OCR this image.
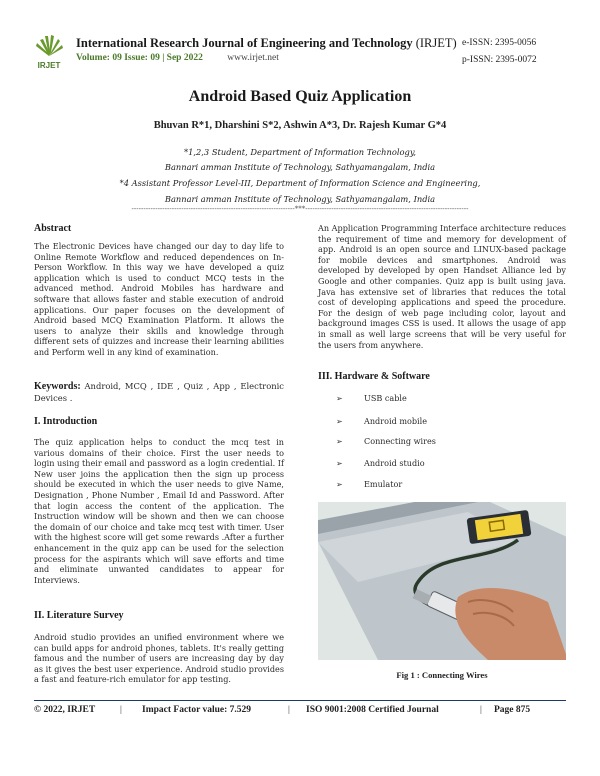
IRJET
International Research Journal of Engineering and Technology (IRJET) e-ISSN: 2395-0056
Volume: 09 Issue: 09 | Sep 2022	www.irjet.net	p-ISSN: 2395-0072
Android Based Quiz Application
Bhuvan R*1, Dharshini S*2, Ashwin A*3, Dr. Rajesh Kumar G*4
*1,2,3 Student, Department of Information Technology,
Bannari amman Institute of Technology, Sathyamangalam, India
*4 Assistant Professor Level-III, Department of Information Science and Engineering,
Bannari amman Institute of Technology, Sathyamangalam, India
---------------------------------------------------------------------***---------------------------------------------------------------------
Abstract
The Electronic Devices have changed our day to day life to Online Remote Workflow and reduced dependences on In-Person Workflow. In this way we have developed a quiz application which is used to conduct MCQ tests in the advanced method. Android Mobiles has hardware and software that allows faster and stable execution of android applications. Our paper focuses on the development of Android based MCQ Examination Platform. It allows the users to analyze their skills and knowledge through different sets of quizzes and increase their learning abilities and Perform well in any kind of examination.
Keywords: Android, MCQ , IDE , Quiz , App , Electronic Devices .
I. Introduction
The quiz application helps to conduct the mcq test in various domains of their choice. First the user needs to login using their email and password as a login credential. If New user joins the application then the sign up process should be executed in which the user needs to give Name, Designation , Phone Number , Email Id and Password. After that login access the content of the application. The Instruction window will be shown and then we can choose the domain of our choice and take mcq test with timer. User with the highest score will get some rewards .After a further enhancement in the quiz app can be used for the selection process for the aspirants which will save efforts and time and eliminate unwanted candidates to appear for Interviews.
II. Literature Survey
Android studio provides an unified environment where we can build apps for android phones, tablets. It's really getting famous and the number of users are increasing day by day as it gives the best user experience. Android studio provides a fast and feature-rich emulator for app testing.
An Application Programming Interface architecture reduces the requirement of time and memory for development of app. Android is an open source and LINUX-based package for mobile devices and smartphones. Android was developed by developed by open Handset Alliance led by Google and other companies. Quiz app is built using java. Java has extensive set of libraries that reduces the total cost of developing applications and speed the procedure. For the design of web page including color, layout and background images CSS is used. It allows the usage of app in small as well large screens that will be very useful for the users from anywhere.
III. Hardware & Software
➢	USB cable
➢	Android mobile
➢	Connecting wires
➢	Android studio
➢	Emulator
Fig 1 : Connecting Wires
© 2022, IRJET	| Impact Factor value: 7.529	| ISO 9001:2008 Certified Journal	| Page 875
